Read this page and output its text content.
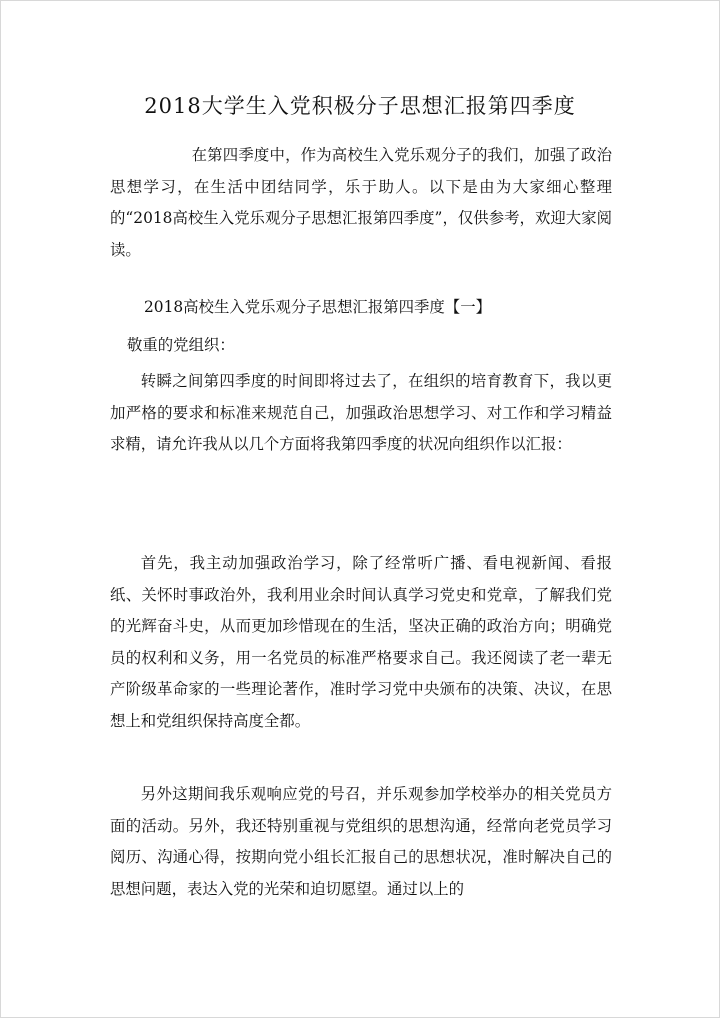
2018大学生入党积极分子思想汇报第四季度

在第四季度中，作为高校生入党乐观分子的我们，加强了政治思想学习，在生活中团结同学，乐于助人。以下是由为大家细心整理的“2018高校生入党乐观分子思想汇报第四季度”，仅供参考，欢迎大家阅读。

2018高校生入党乐观分子思想汇报第四季度【一】
敬重的党组织：

转瞬之间第四季度的时间即将过去了，在组织的培育教育下，我以更加严格的要求和标准来规范自己，加强政治思想学习、对工作和学习精益求精，请允许我从以几个方面将我第四季度的状况向组织作以汇报：

首先，我主动加强政治学习，除了经常听广播、看电视新闻、看报纸、关怀时事政治外，我利用业余时间认真学习党史和党章，了解我们党的光辉奋斗史，从而更加珍惜现在的生活，坚决正确的政治方向；明确党员的权利和义务，用一名党员的标准严格要求自己。我还阅读了老一辈无产阶级革命家的一些理论著作，准时学习党中央颁布的决策、决议，在思想上和党组织保持高度全都。

另外这期间我乐观响应党的号召，并乐观参加学校举办的相关党员方面的活动。另外，我还特别重视与党组织的思想沟通，经常向老党员学习阅历、沟通心得，按期向党小组长汇报自己的思想状况，准时解决自己的思想问题，表达入党的光荣和迫切愿望。通过以上的
